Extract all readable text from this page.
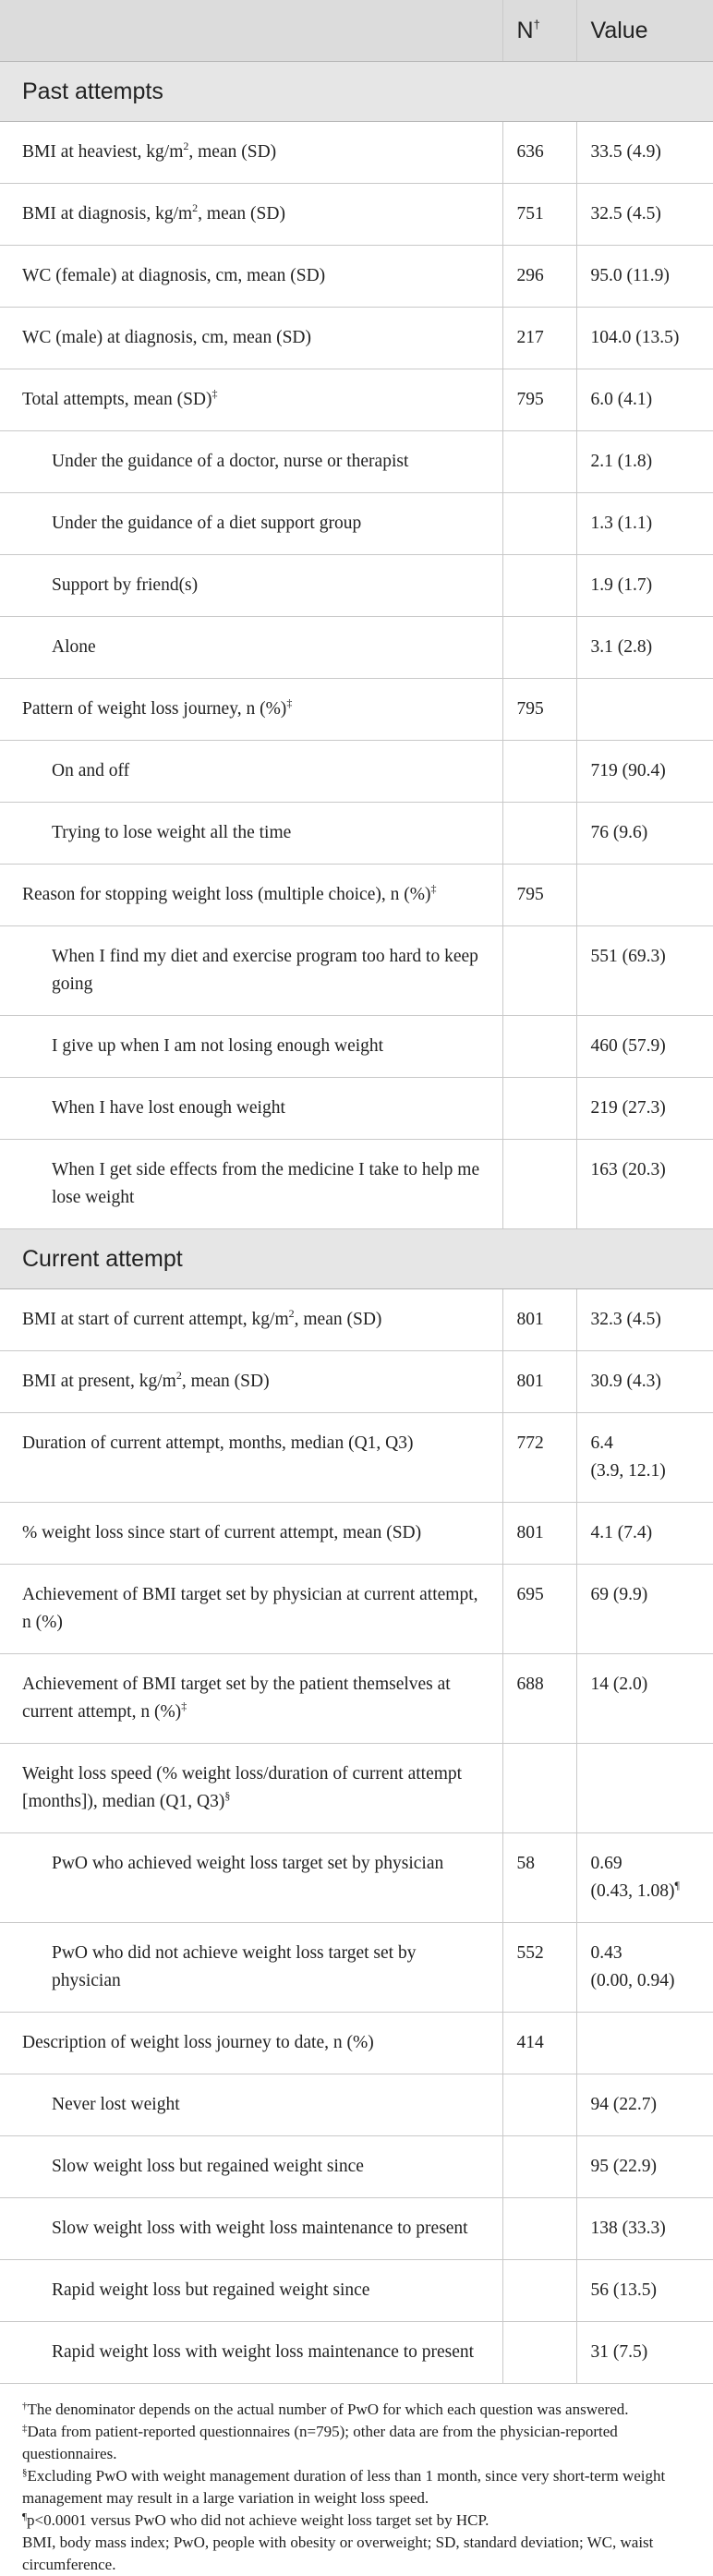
	N†	Value
Past attempts		
BMI at heaviest, $kg/m^2$, mean (SD)	636	33.5 (4.9)
BMI at diagnosis, $kg/m^2$, mean (SD)	751	32.5 (4.5)
WC (female) at diagnosis, cm, mean (SD)	296	95.0 (11.9)
WC (male) at diagnosis, cm, mean (SD)	217	104.0 (13.5)
Total attempts, mean (SD)‡	795	6.0 (4.1)
Under the guidance of a doctor, nurse or therapist		2.1 (1.8)
Under the guidance of a diet support group		1.3 (1.1)
Support by friend(s)		1.9 (1.7)
Alone		3.1 (2.8)
Pattern of weight loss journey, n (%)‡	795	
On and off		719 (90.4)
Trying to lose weight all the time		76 (9.6)
Reason for stopping weight loss (multiple choice), n (%)‡	795	
When I find my diet and exercise program too hard to keep going		551 (69.3)
I give up when I am not losing enough weight		460 (57.9)
When I have lost enough weight		219 (27.3)
When I get side effects from the medicine I take to help me lose weight		163 (20.3)
Current attempt		
BMI at start of current attempt, $kg/m^2$, mean (SD)	801	32.3 (4.5)
BMI at present, $kg/m^2$, mean (SD)	801	30.9 (4.3)
Duration of current attempt, months, median (Q1, Q3)	772	6.4
(3.9, 12.1)
% weight loss since start of current attempt, mean (SD)	801	4.1 (7.4)
Achievement of BMI target set by physician at current attempt, n (%)	695	69 (9.9)
Achievement of BMI target set by the patient themselves at current attempt, n (%)‡	688	14 (2.0)
Weight loss speed (% weight loss/duration of current attempt [months]), median (Q1, Q3)§		
PwO who achieved weight loss target set by physician	58	0.69
(0.43, 1.08)¶
PwO who did not achieve weight loss target set by physician	552	0.43
(0.00, 0.94)
Description of weight loss journey to date, n (%)	414	
Never lost weight		94 (22.7)
Slow weight loss but regained weight since		95 (22.9)
Slow weight loss with weight loss maintenance to present		138 (33.3)
Rapid weight loss but regained weight since		56 (13.5)
Rapid weight loss with weight loss maintenance to present		31 (7.5)

†The denominator depends on the actual number of PwO for which each question was answered.

‡Data from patient-reported questionnaires (n=795); other data are from the physician-reported questionnaires.

§Excluding PwO with weight management duration of less than 1 month, since very short-term weight management may result in a large variation in weight loss speed.

¶p<0.0001 versus PwO who did not achieve weight loss target set by HCP.

BMI, body mass index; PwO, people with obesity or overweight; SD, standard deviation; WC, waist circumference.
